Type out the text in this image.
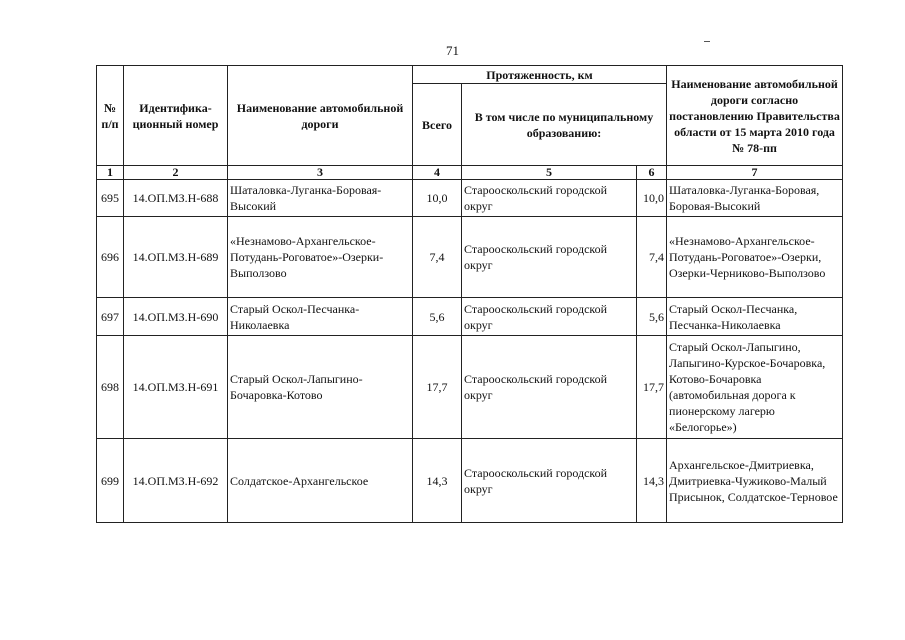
71
№ п/п	Идентифика-ционный номер	Наименование автомобильной дороги	Протяженность, км			Наименование автомобильной дороги согласно постановлению Правительства области от 15 марта 2010 года № 78-пп
			Всего	В том числе по муниципальному образованию:		
1	2	3	4	5	6	7
695	14.ОП.МЗ.Н-688	Шаталовка-Луганка-Боровая-Высокий	10,0	Старооскольский городской округ	10,0	Шаталовка-Луганка-Боровая, Боровая-Высокий
696	14.ОП.МЗ.Н-689	«Незнамово-Архангельское-Потудань-Роговатое»-Озерки-Выползово	7,4	Старооскольский городской округ	7,4	«Незнамово-Архангельское-Потудань-Роговатое»-Озерки, Озерки-Черниково-Выползово
697	14.ОП.МЗ.Н-690	Старый Оскол-Песчанка-Николаевка	5,6	Старооскольский городской округ	5,6	Старый Оскол-Песчанка, Песчанка-Николаевка
698	14.ОП.МЗ.Н-691	Старый Оскол-Лапыгино-Бочаровка-Котово	17,7	Старооскольский городской округ	17,7	Старый Оскол-Лапыгино, Лапыгино-Курское-Бочаровка, Котово-Бочаровка (автомобильная дорога к пионерскому лагерю «Белогорье»)
699	14.ОП.МЗ.Н-692	Солдатское-Архангельское	14,3	Старооскольский городской округ	14,3	Архангельское-Дмитриевка, Дмитриевка-Чужиково-Малый Присынок, Солдатское-Терновое
